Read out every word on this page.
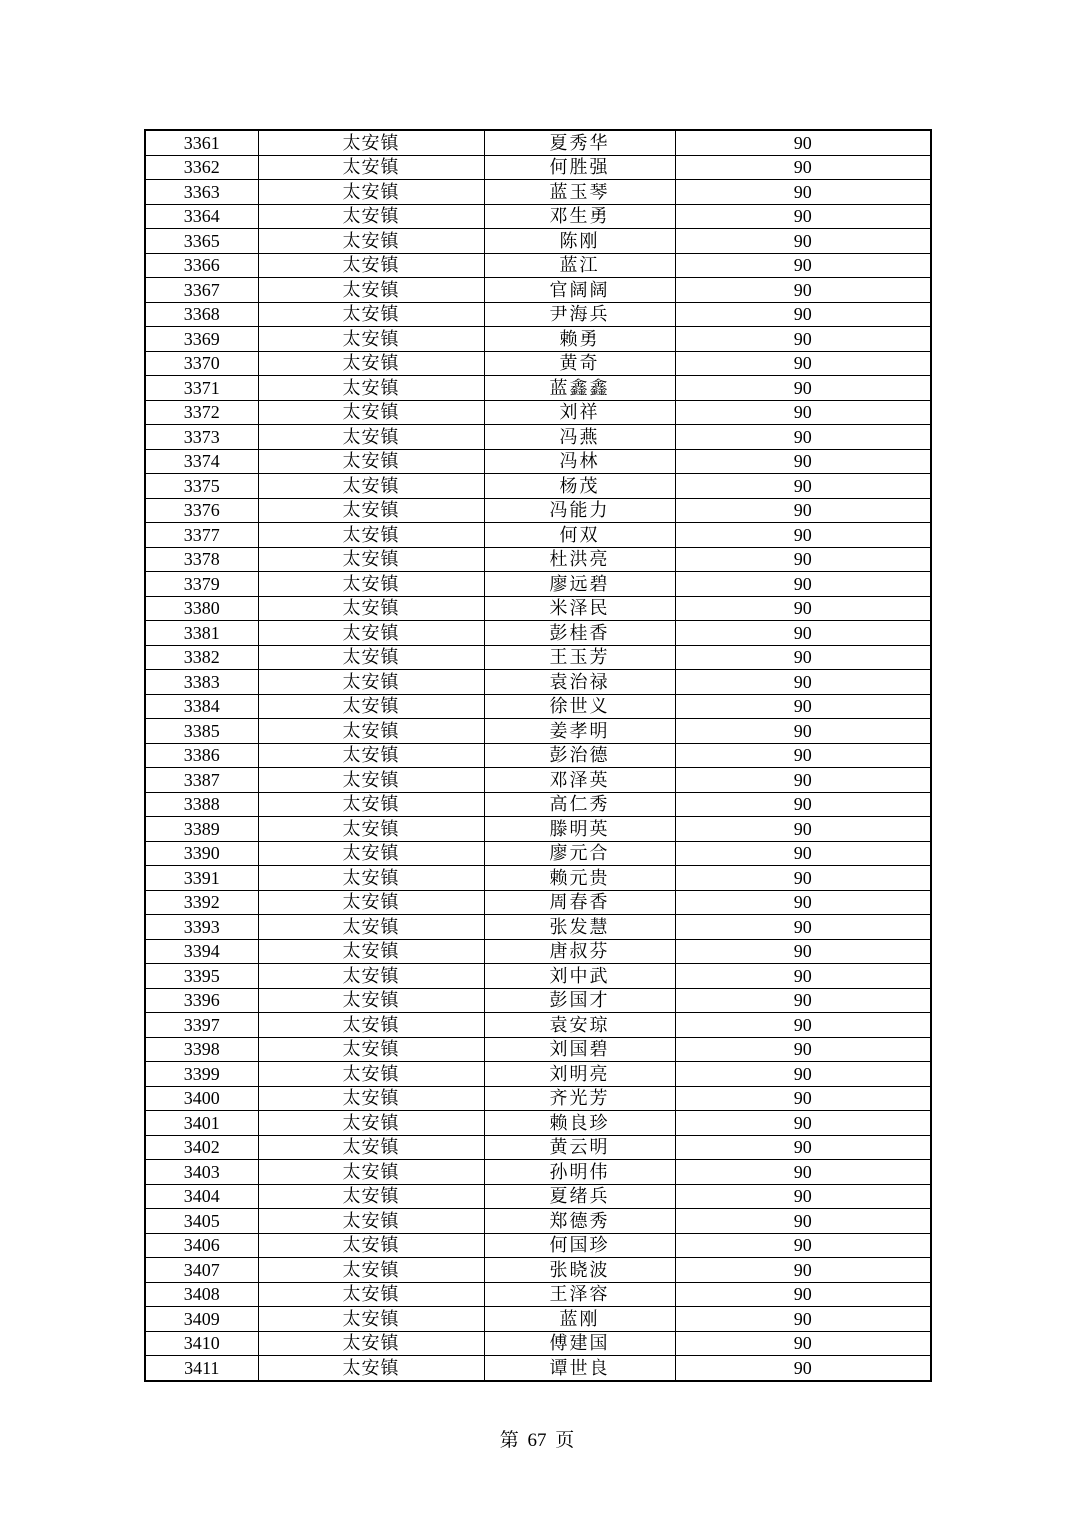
3361	太安镇	夏秀华	90
3362	太安镇	何胜强	90
3363	太安镇	蓝玉琴	90
3364	太安镇	邓生勇	90
3365	太安镇	陈刚	90
3366	太安镇	蓝江	90
3367	太安镇	官阔阔	90
3368	太安镇	尹海兵	90
3369	太安镇	赖勇	90
3370	太安镇	黄奇	90
3371	太安镇	蓝鑫鑫	90
3372	太安镇	刘祥	90
3373	太安镇	冯燕	90
3374	太安镇	冯林	90
3375	太安镇	杨茂	90
3376	太安镇	冯能力	90
3377	太安镇	何双	90
3378	太安镇	杜洪亮	90
3379	太安镇	廖远碧	90
3380	太安镇	米泽民	90
3381	太安镇	彭桂香	90
3382	太安镇	王玉芳	90
3383	太安镇	袁治禄	90
3384	太安镇	徐世义	90
3385	太安镇	姜孝明	90
3386	太安镇	彭治德	90
3387	太安镇	邓泽英	90
3388	太安镇	高仁秀	90
3389	太安镇	滕明英	90
3390	太安镇	廖元合	90
3391	太安镇	赖元贵	90
3392	太安镇	周春香	90
3393	太安镇	张发慧	90
3394	太安镇	唐叔芬	90
3395	太安镇	刘中武	90
3396	太安镇	彭国才	90
3397	太安镇	袁安琼	90
3398	太安镇	刘国碧	90
3399	太安镇	刘明亮	90
3400	太安镇	齐光芳	90
3401	太安镇	赖良珍	90
3402	太安镇	黄云明	90
3403	太安镇	孙明伟	90
3404	太安镇	夏绪兵	90
3405	太安镇	郑德秀	90
3406	太安镇	何国珍	90
3407	太安镇	张晓波	90
3408	太安镇	王泽容	90
3409	太安镇	蓝刚	90
3410	太安镇	傅建国	90
3411	太安镇	谭世良	90
第 67 页
